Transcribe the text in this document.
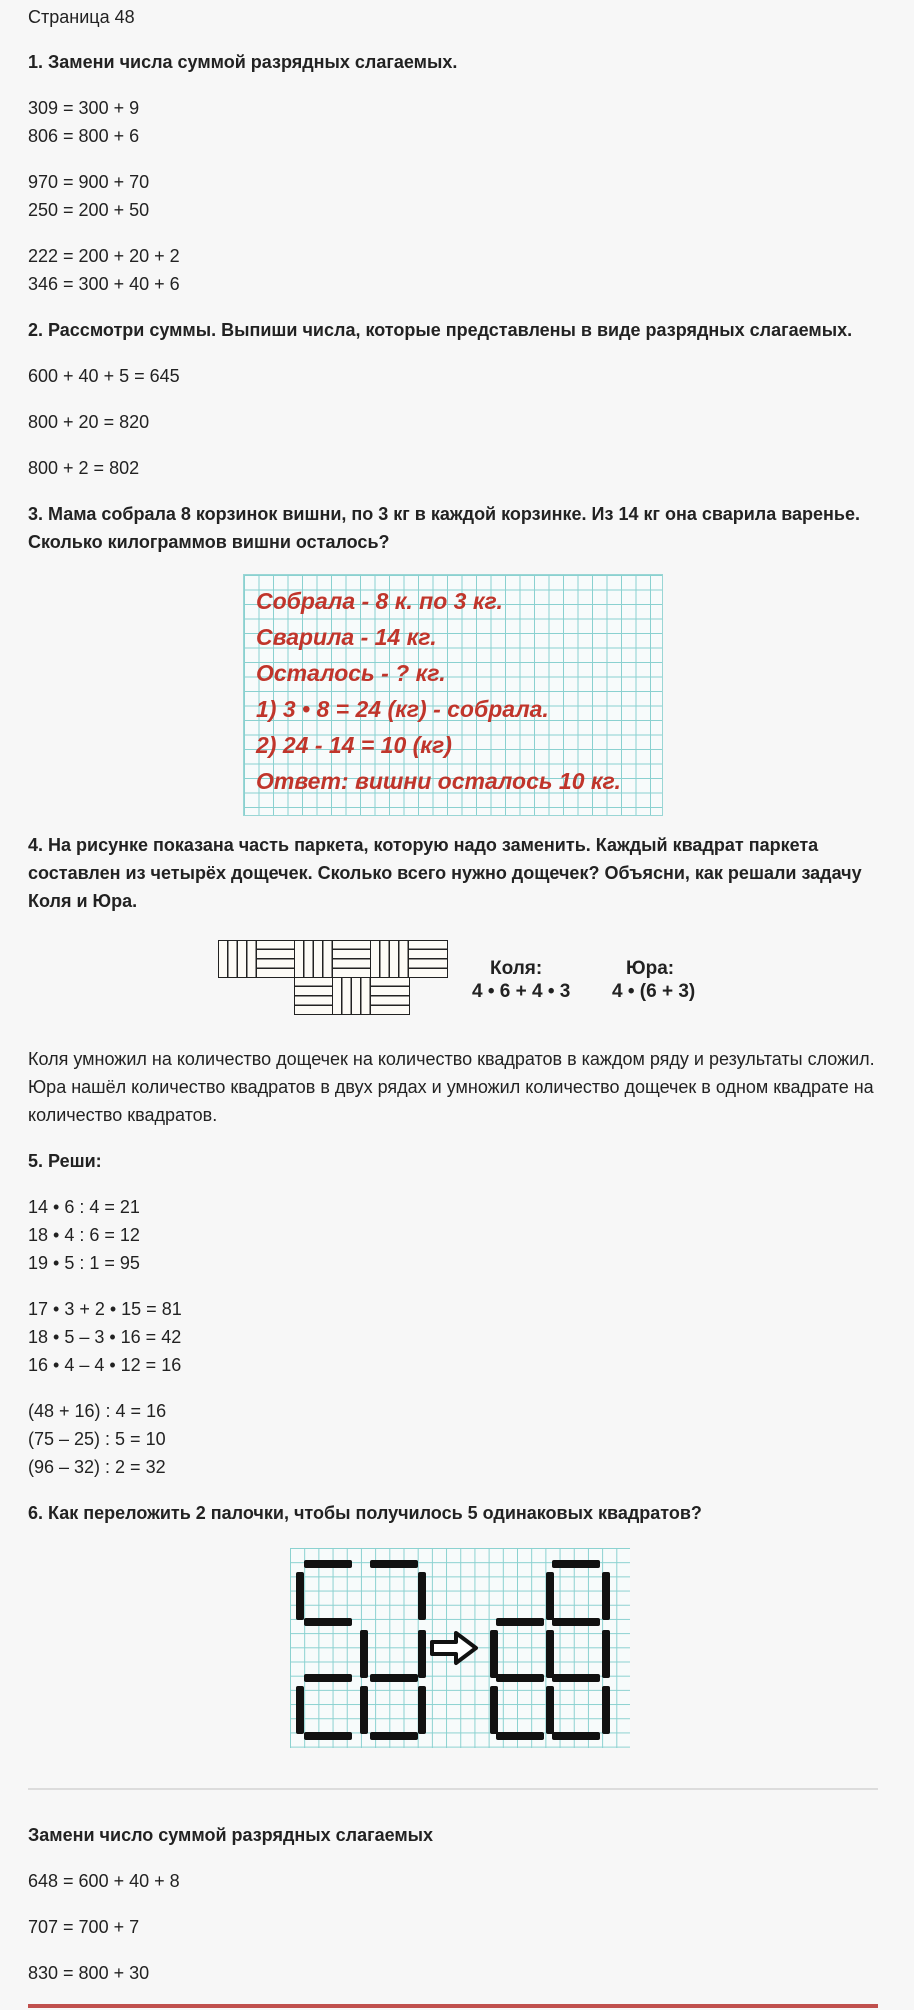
Страница 48
1. Замени числа суммой разрядных слагаемых.
309 = 300 + 9
806 = 800 + 6
970 = 900 + 70
250 = 200 + 50
222 = 200 + 20 + 2
346 = 300 + 40 + 6
2. Рассмотри суммы. Выпиши числа, которые представлены в виде разрядных слагаемых.
600 + 40 + 5 = 645
800 + 20 = 820
800 + 2 = 802
3. Мама собрала 8 корзинок вишни, по 3 кг в каждой корзинке. Из 14 кг она сварила варенье.
Сколько килограммов вишни осталось?
Собрала - 8 к. по 3 кг.
Сварила - 14 кг.
Осталось - ? кг.
1) 3 • 8 = 24 (кг) - собрала.
2) 24 - 14 = 10 (кг)
Ответ: вишни осталось 10 кг.
4. На рисунке показана часть паркета, которую надо заменить. Каждый квадрат паркета
составлен из четырёх дощечек. Сколько всего нужно дощечек? Объясни, как решали задачу
Коля и Юра.
Коля:
4 • 6 + 4 • 3
Юра:
4 • (6 + 3)
Коля умножил на количество дощечек на количество квадратов в каждом ряду и результаты сложил.
Юра нашёл количество квадратов в двух рядах и умножил количество дощечек в одном квадрате на
количество квадратов.
5. Реши:
14 • 6 : 4 = 21
18 • 4 : 6 = 12
19 • 5 : 1 = 95
17 • 3 + 2 • 15 = 81
18 • 5 – 3 • 16 = 42
16 • 4 – 4 • 12 = 16
(48 + 16) : 4 = 16
(75 – 25) : 5 = 10
(96 – 32) : 2 = 32
6. Как переложить 2 палочки, чтобы получилось 5 одинаковых квадратов?
Замени число суммой разрядных слагаемых
648 = 600 + 40 + 8
707 = 700 + 7
830 = 800 + 30
